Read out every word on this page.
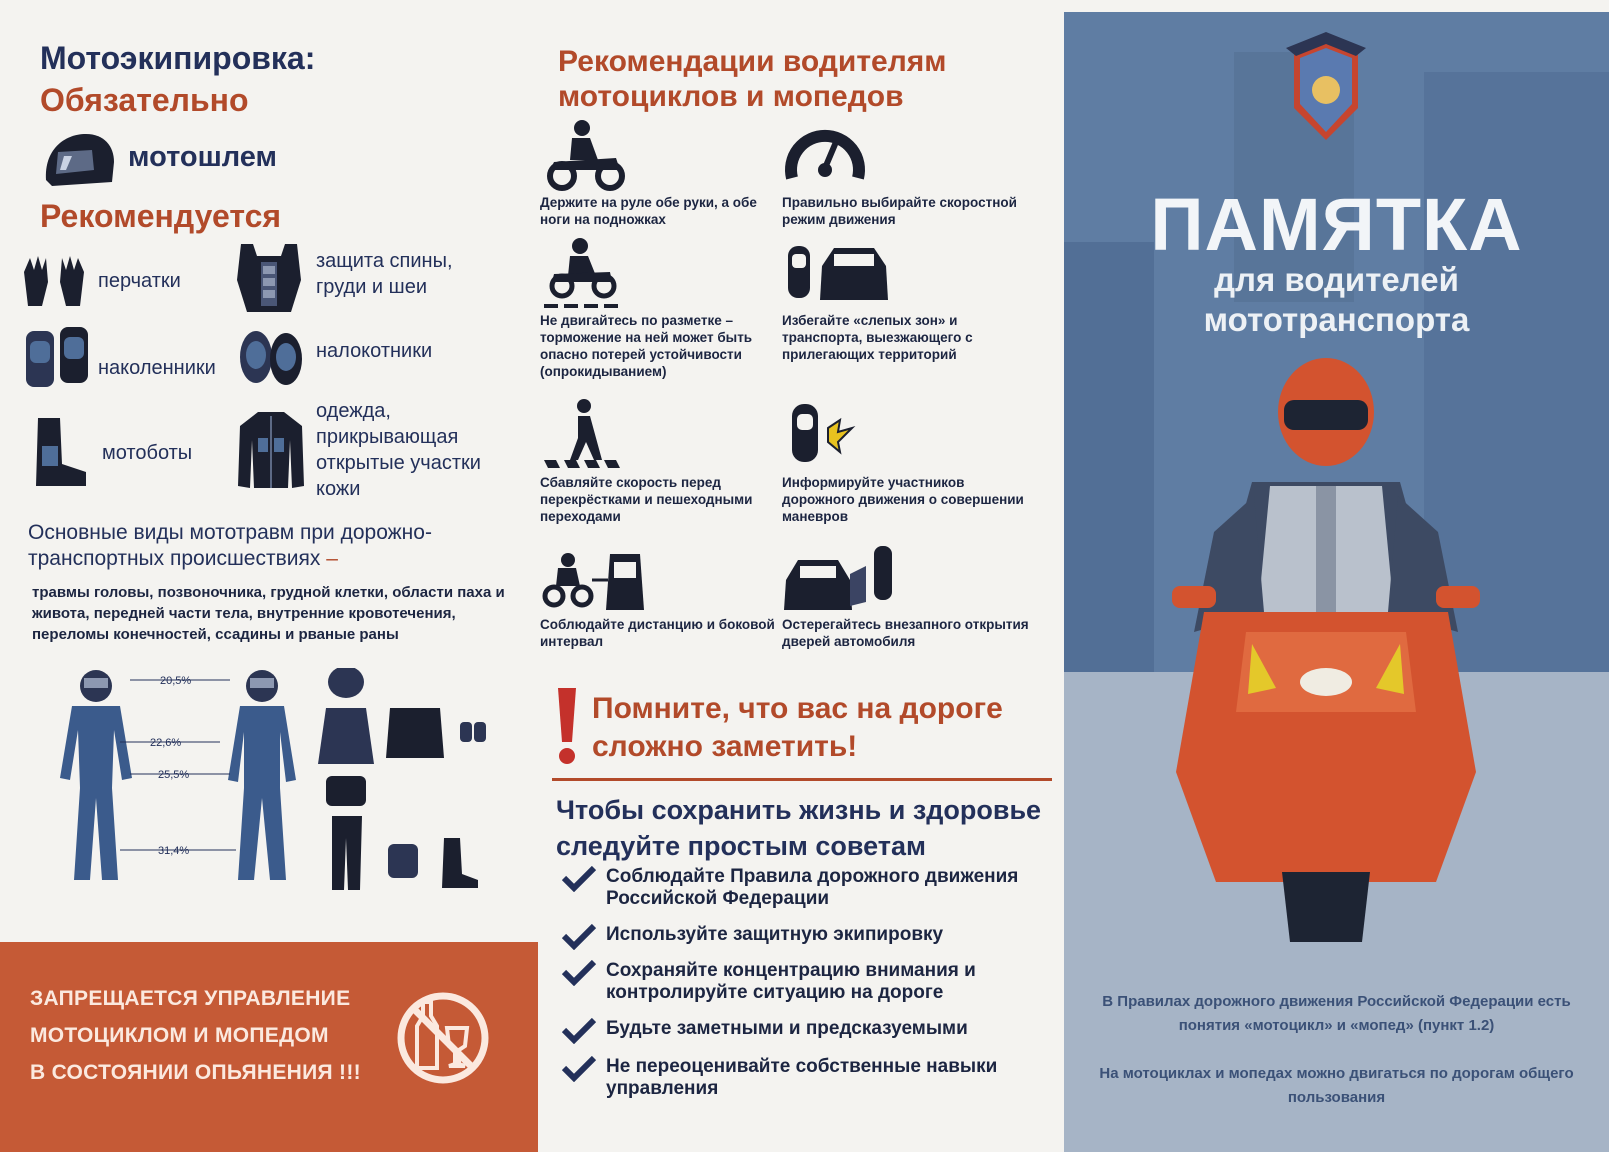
Мотоэкипировка:
Обязательно
мотошлем
Рекомендуется
перчатки
защита спины, груди и шеи
наколенники
налокотники
мотоботы
одежда, прикрывающая открытые участки кожи
Основные виды мототравм при дорожно-транспортных происшествиях –
травмы головы, позвоночника, грудной клетки, области паха и живота, передней части тела, внутренние кровотечения, переломы конечностей, ссадины и рваные раны
20,5%
22,6%
25,5%
31,4%
ЗАПРЕЩАЕТСЯ УПРАВЛЕНИЕ
МОТОЦИКЛОМ И МОПЕДОМ
В СОСТОЯНИИ ОПЬЯНЕНИЯ !!!
Рекомендации водителям
мотоциклов и мопедов
Держите на руле обе руки, а обе ноги на подножках
Правильно выбирайте скоростной режим движения
Не двигайтесь по разметке – торможение на ней может быть опасно потерей устойчивости (опрокидыванием)
Избегайте «слепых зон» и транспорта, выезжающего с прилегающих территорий
Сбавляйте скорость перед перекрёстками и пешеходными переходами
Информируйте участников дорожного движения о совершении маневров
Соблюдайте дистанцию и боковой интервал
Остерегайтесь внезапного открытия дверей автомобиля
Помните, что вас на дороге сложно заметить!
Чтобы сохранить жизнь и здоровье следуйте простым советам
Соблюдайте Правила дорожного движения Российской Федерации
Используйте защитную экипировку
Сохраняйте концентрацию внимания и контролируйте ситуацию на дороге
Будьте заметными и предсказуемыми
Не переоценивайте собственные навыки управления
ПАМЯТКА
для водителей
мототранспорта
В Правилах дорожного движения Российской Федерации есть понятия «мотоцикл» и «мопед» (пункт 1.2)
На мотоциклах и мопедах можно двигаться по дорогам общего пользования
